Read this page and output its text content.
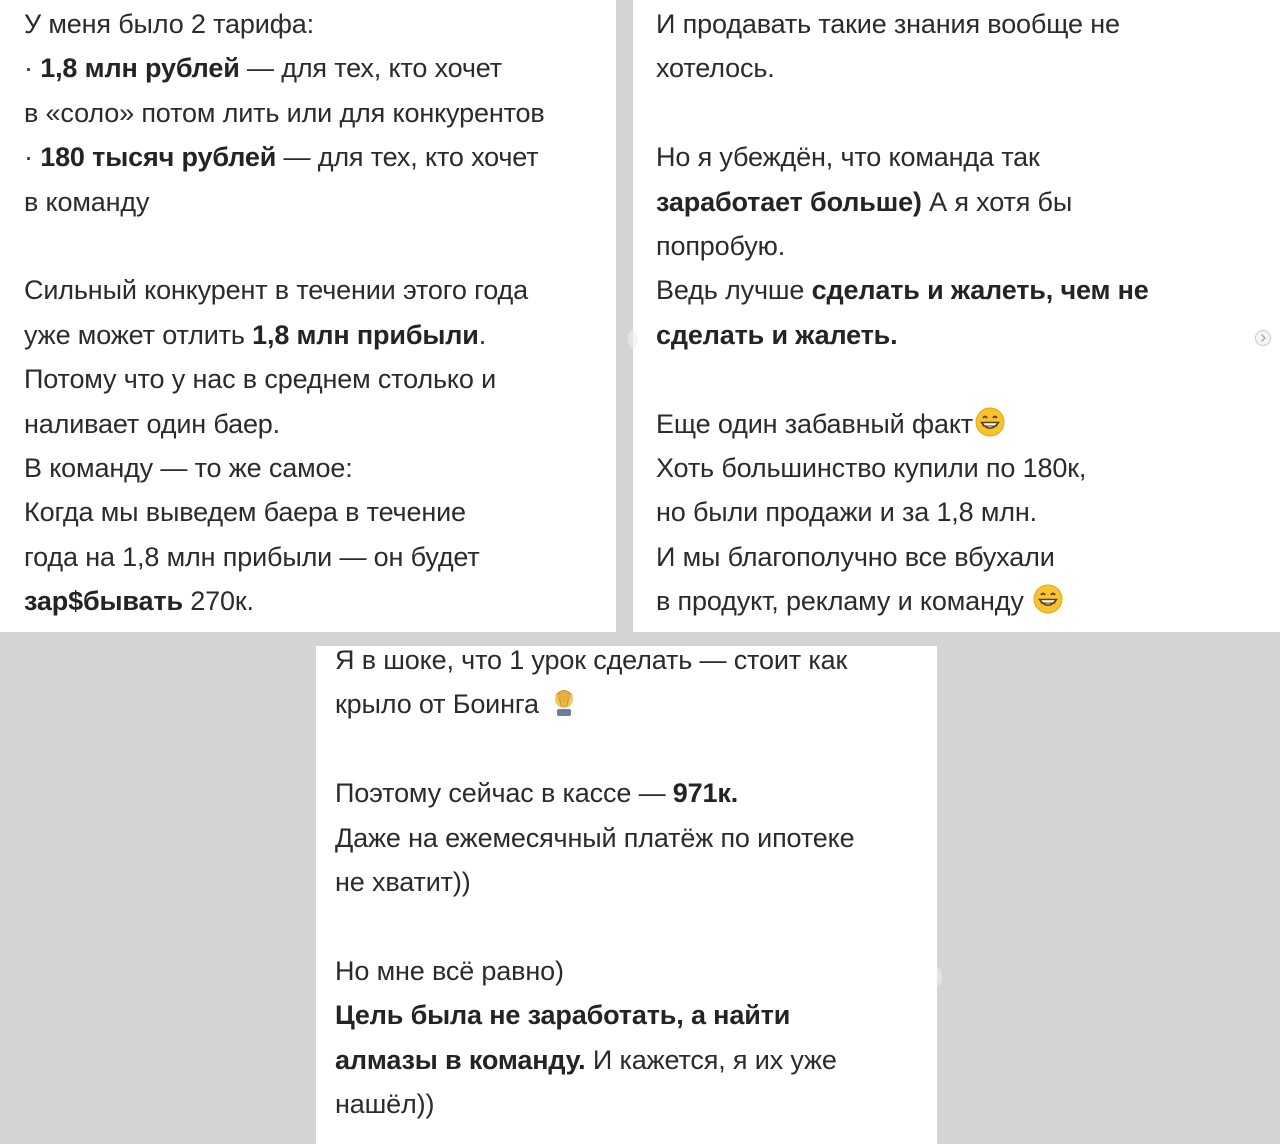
У меня было 2 тарифа:
· 1,8 млн рублей — для тех, кто хочет
в «соло» потом лить или для конкурентов
· 180 тысяч рублей — для тех, кто хочет
в команду
Сильный конкурент в течении этого года
уже может отлить 1,8 млн прибыли.
Потому что у нас в среднем столько и
наливает один баер.
В команду — то же самое:
Когда мы выведем баера в течение
года на 1,8 млн прибыли — он будет
зар$бывать 270к.
И продавать такие знания вообще не
хотелось.
Но я убеждён, что команда так
заработает больше) А я хотя бы
попробую.
Ведь лучше сделать и жалеть, чем не
сделать и жалеть.
Еще один забавный факт
Хоть большинство купили по 180к,
но были продажи и за 1,8 млн.
И мы благополучно все вбухали
в продукт, рекламу и команду
Я в шоке, что 1 урок сделать — стоит как
крыло от Боинга
Поэтому сейчас в кассе — 971к.
Даже на ежемесячный платёж по ипотеке
не хватит))
Но мне всё равно)
Цель была не заработать, а найти
алмазы в команду. И кажется, я их уже
нашёл))
